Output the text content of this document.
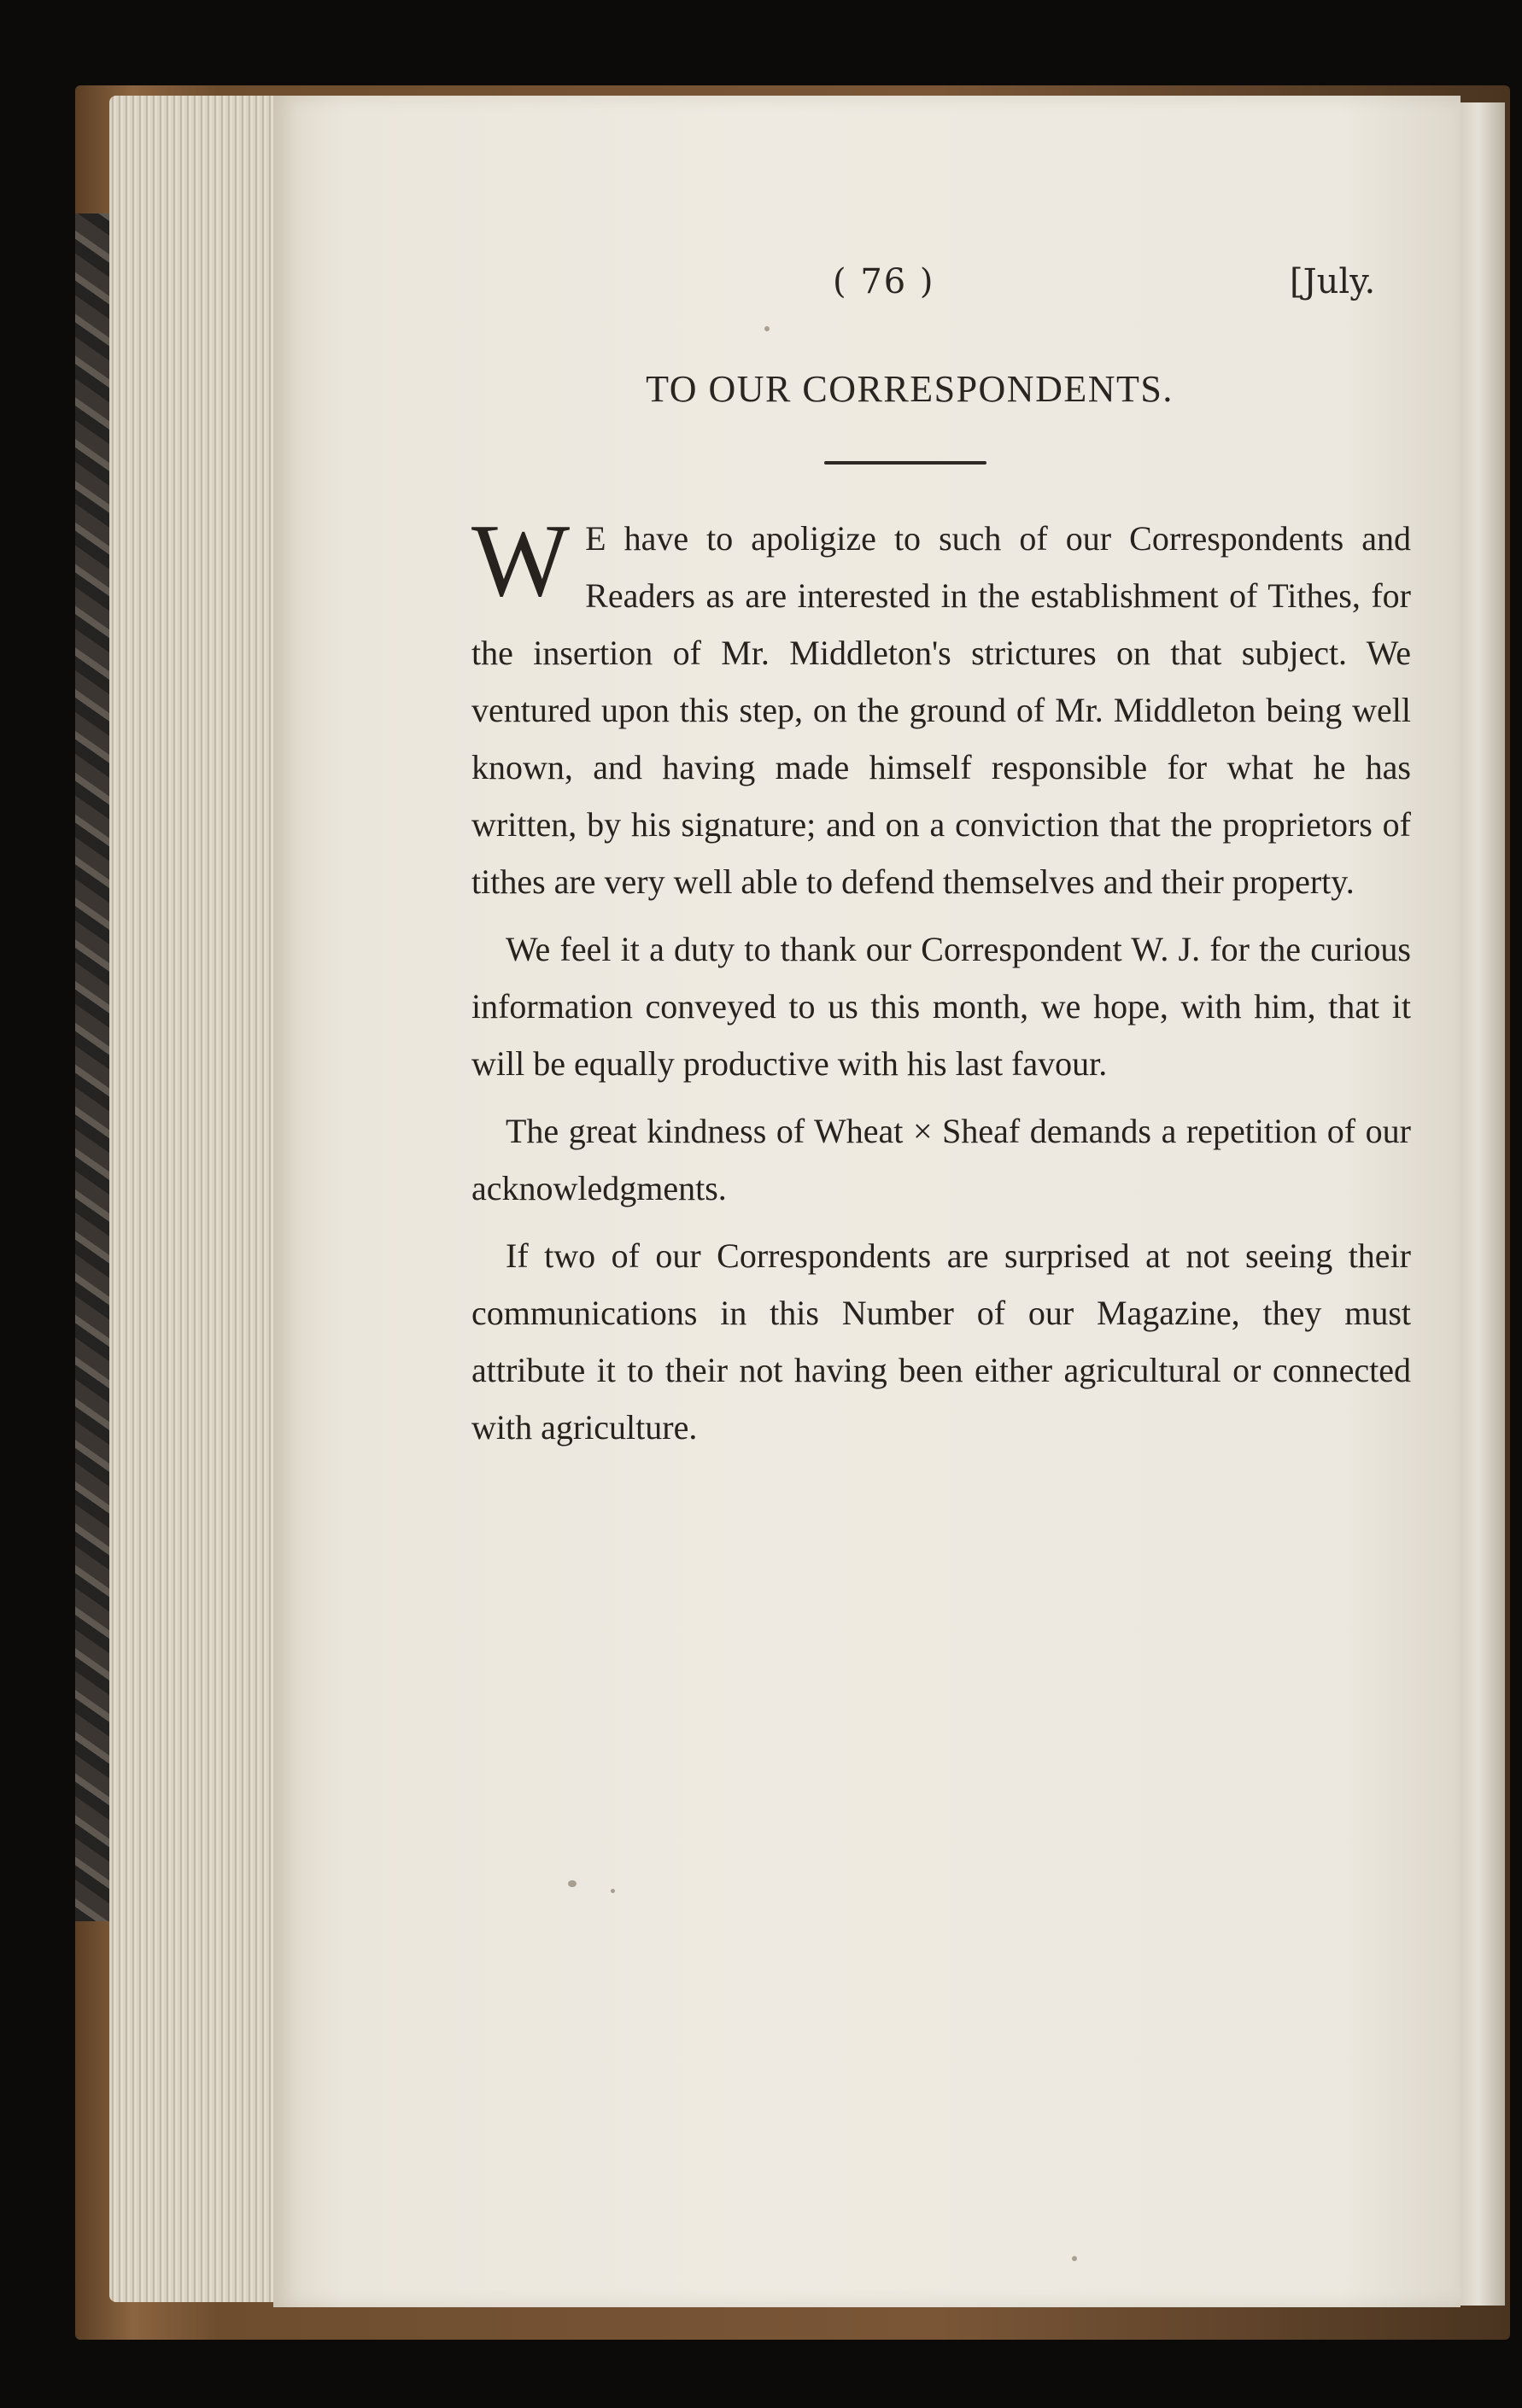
( 76 )	[July.
TO OUR CORRESPONDENTS.

W E have to apoligize to such of our Correspondents and Readers as are interested in the establishment of Tithes, for the insertion of Mr. Middleton's strictures on that subject. We ventured upon this step, on the ground of Mr. Middleton being well known, and having made himself responsible for what he has written, by his signature; and on a conviction that the proprietors of tithes are very well able to defend themselves and their property.

We feel it a duty to thank our Correspondent W. J. for the curious information conveyed to us this month, we hope, with him, that it will be equally productive with his last favour.

The great kindness of Wheat × Sheaf demands a repetition of our acknowledgments.

If two of our Correspondents are surprised at not seeing their communications in this Number of our Magazine, they must attribute it to their not having been either agricultural or connected with agriculture.
